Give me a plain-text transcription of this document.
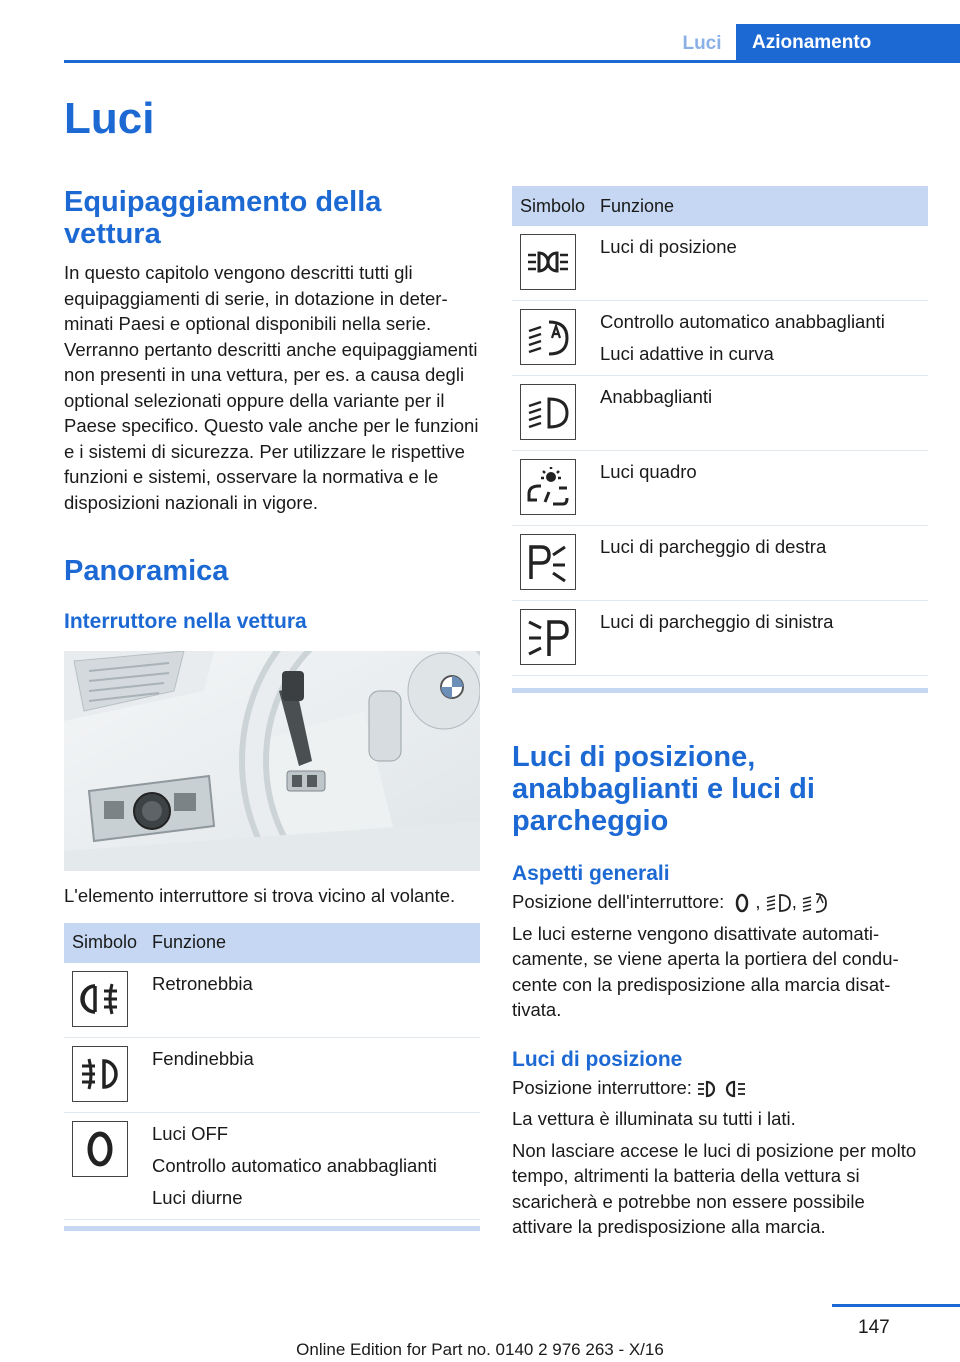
Luci	Azionamento
Luci
Equipaggiamento della vettura

In questo capitolo vengono descritti tutti gli equipaggiamenti di serie, in dotazione in determinati Paesi e optional disponibili nella serie. Verranno pertanto descritti anche equipaggiamenti non presenti in una vettura, per es. a causa degli optional selezionati oppure della variante per il Paese specifico. Questo vale anche per le funzioni e i sistemi di sicurezza. Per utilizzare le rispettive funzioni e sistemi, osservare la normativa e le disposizioni nazionali in vigore.

Panoramica
Interruttore nella vettura

L'elemento interruttore si trova vicino al volante.

Simbolo	Funzione

Retronebbia

Fendinebbia

Luci OFF
Controllo automatico anabbaglianti
Luci diurne
Simbolo	Funzione

Luci di posizione

Controllo automatico anabbaglianti
Luci adattive in curva

Anabbaglianti

Luci quadro

Luci di parcheggio di destra

Luci di parcheggio di sinistra
Luci di posizione, anabbaglianti e luci di parcheggio
Aspetti generali

Posizione dell'interruttore: , ,

Le luci esterne vengono disattivate automaticamente, se viene aperta la portiera del conducente con la predisposizione alla marcia disattivata.

Luci di posizione

Posizione interruttore:

La vettura è illuminata su tutti i lati.

Non lasciare accese le luci di posizione per molto tempo, altrimenti la batteria della vettura si scaricherà e potrebbe non essere possibile attivare la predisposizione alla marcia.

147
Online Edition for Part no. 0140 2 976 263 - X/16
